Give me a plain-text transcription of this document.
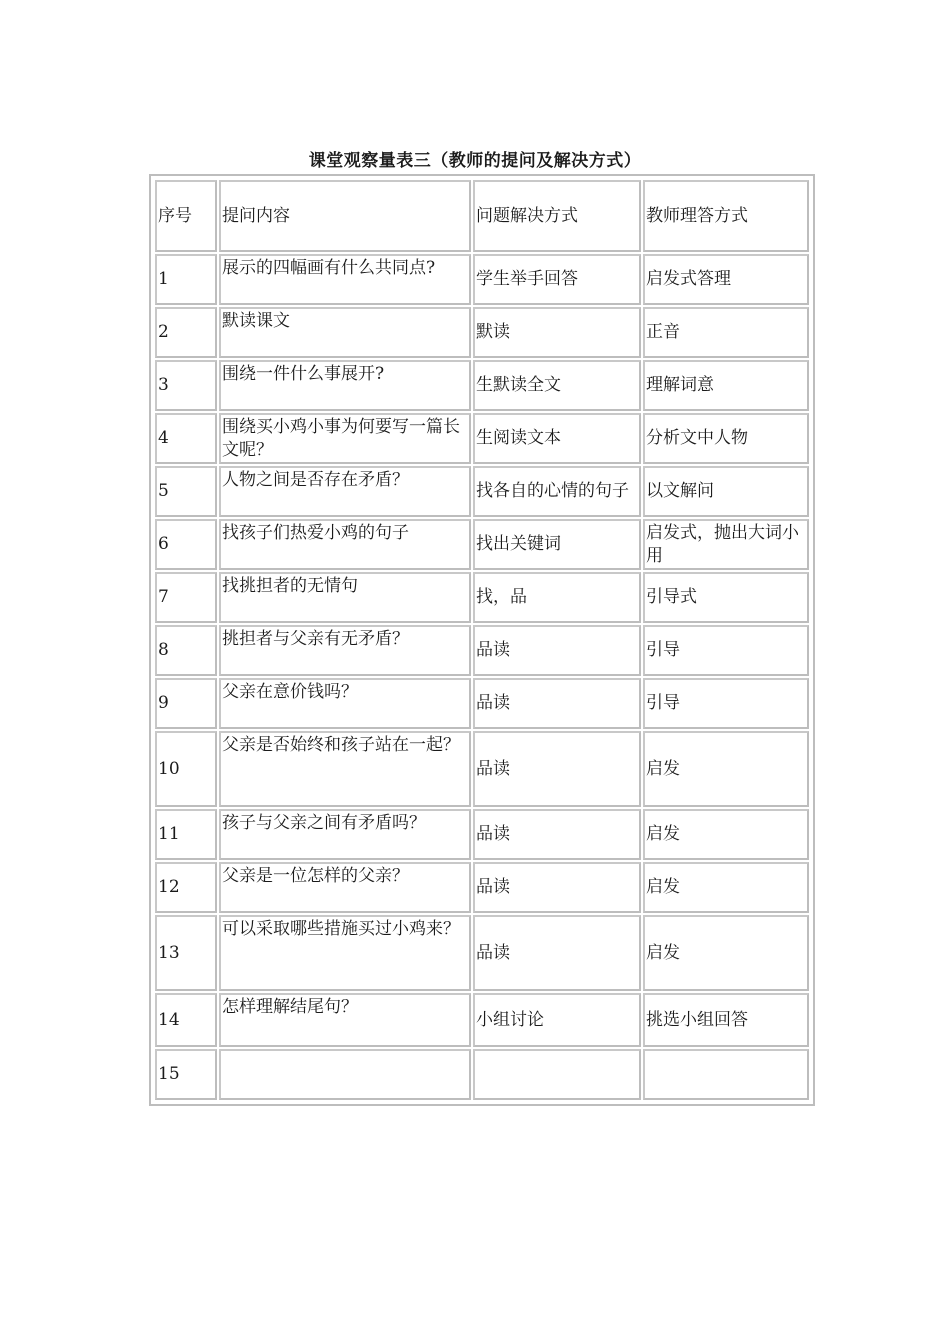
课堂观察量表三（教师的提问及解决方式）
序号	提问内容	问题解决方式	教师理答方式
1	展示的四幅画有什么共同点?	学生举手回答	启发式答理
2	默读课文	默读	正音
3	围绕一件什么事展开?	生默读全文	理解词意
4	围绕买小鸡小事为何要写一篇长文呢？	生阅读文本	分析文中人物
5	人物之间是否存在矛盾？	找各自的心情的句子	以文解问
6	找孩子们热爱小鸡的句子	找出关键词	启发式，抛出大词小用
7	找挑担者的无情句	找，品	引导式
8	挑担者与父亲有无矛盾？	品读	引导
9	父亲在意价钱吗？	品读	引导
10	父亲是否始终和孩子站在一起？	品读	启发
11	孩子与父亲之间有矛盾吗？	品读	启发
12	父亲是一位怎样的父亲？	品读	启发
13	可以采取哪些措施买过小鸡来？	品读	启发
14	怎样理解结尾句？	小组讨论	挑选小组回答
15			
